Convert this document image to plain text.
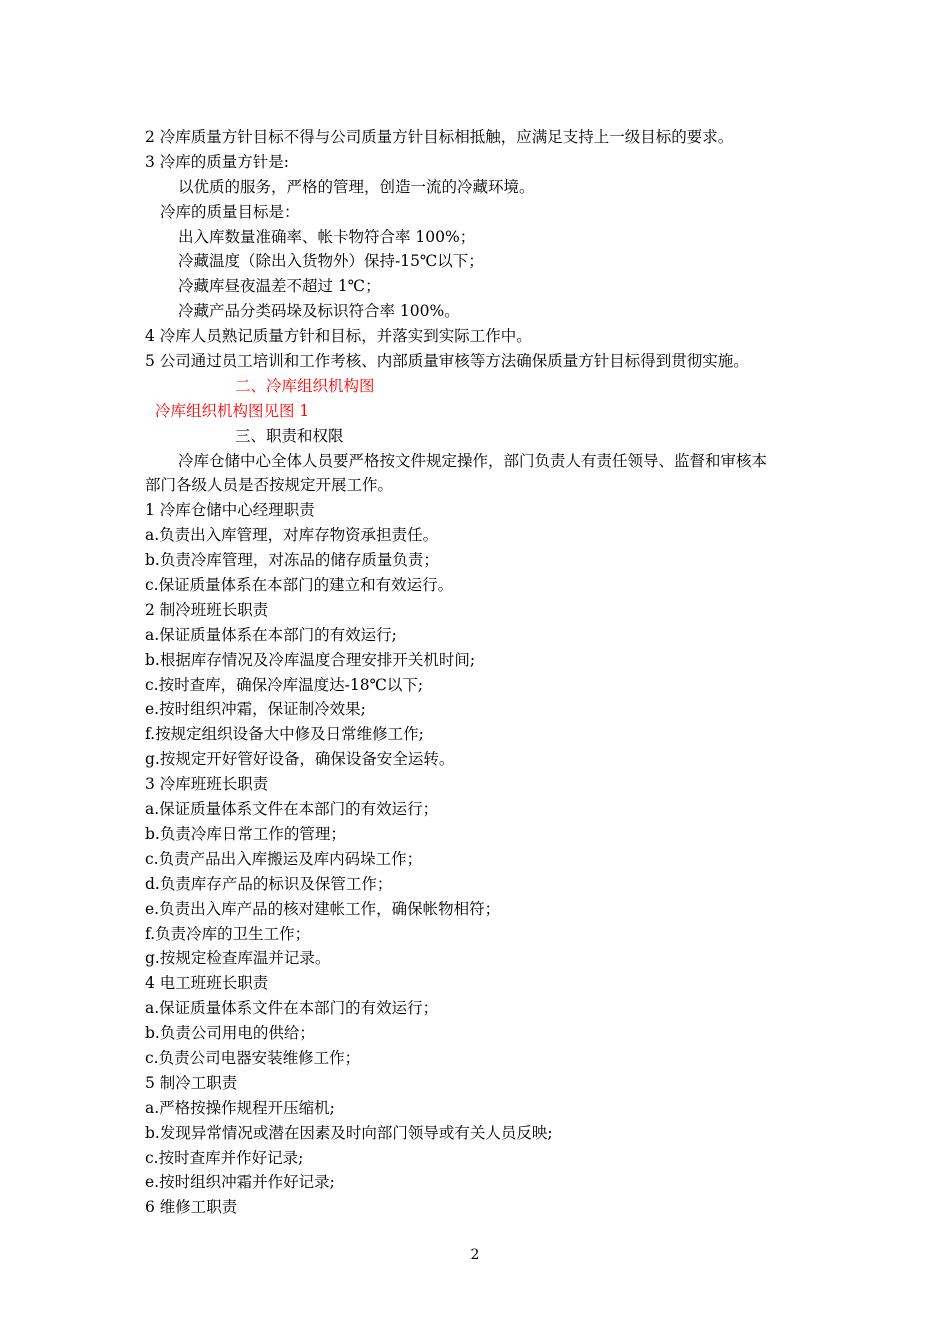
2 冷库质量方针目标不得与公司质量方针目标相抵触，应满足支持上一级目标的要求。
3 冷库的质量方针是:
以优质的服务，严格的管理，创造一流的冷藏环境。
冷库的质量目标是：
出入库数量准确率、帐卡物符合率 100%；
冷藏温度（除出入货物外）保持-15℃以下；
冷藏库昼夜温差不超过 1℃；
冷藏产品分类码垛及标识符合率 100%。
4 冷库人员熟记质量方针和目标，并落实到实际工作中。
5 公司通过员工培训和工作考核、内部质量审核等方法确保质量方针目标得到贯彻实施。
二、冷库组织机构图
冷库组织机构图见图 1
三、职责和权限
冷库仓储中心全体人员要严格按文件规定操作，部门负责人有责任领导、监督和审核本
部门各级人员是否按规定开展工作。
1 冷库仓储中心经理职责
a.负责出入库管理，对库存物资承担责任。
b.负责冷库管理，对冻品的储存质量负责；
c.保证质量体系在本部门的建立和有效运行。
2 制冷班班长职责
a.保证质量体系在本部门的有效运行;
b.根据库存情况及冷库温度合理安排开关机时间;
c.按时查库，确保冷库温度达-18℃以下;
e.按时组织冲霜，保证制冷效果;
f.按规定组织设备大中修及日常维修工作;
g.按规定开好管好设备，确保设备安全运转。
3 冷库班班长职责
a.保证质量体系文件在本部门的有效运行；
b.负责冷库日常工作的管理；
c.负责产品出入库搬运及库内码垛工作；
d.负责库存产品的标识及保管工作；
e.负责出入库产品的核对建帐工作，确保帐物相符；
f.负责冷库的卫生工作；
g.按规定检查库温并记录。
4 电工班班长职责
a.保证质量体系文件在本部门的有效运行；
b.负责公司用电的供给；
c.负责公司电器安装维修工作；
5 制冷工职责
a.严格按操作规程开压缩机;
b.发现异常情况或潜在因素及时向部门领导或有关人员反映;
c.按时查库并作好记录;
e.按时组织冲霜并作好记录;
6 维修工职责
2
